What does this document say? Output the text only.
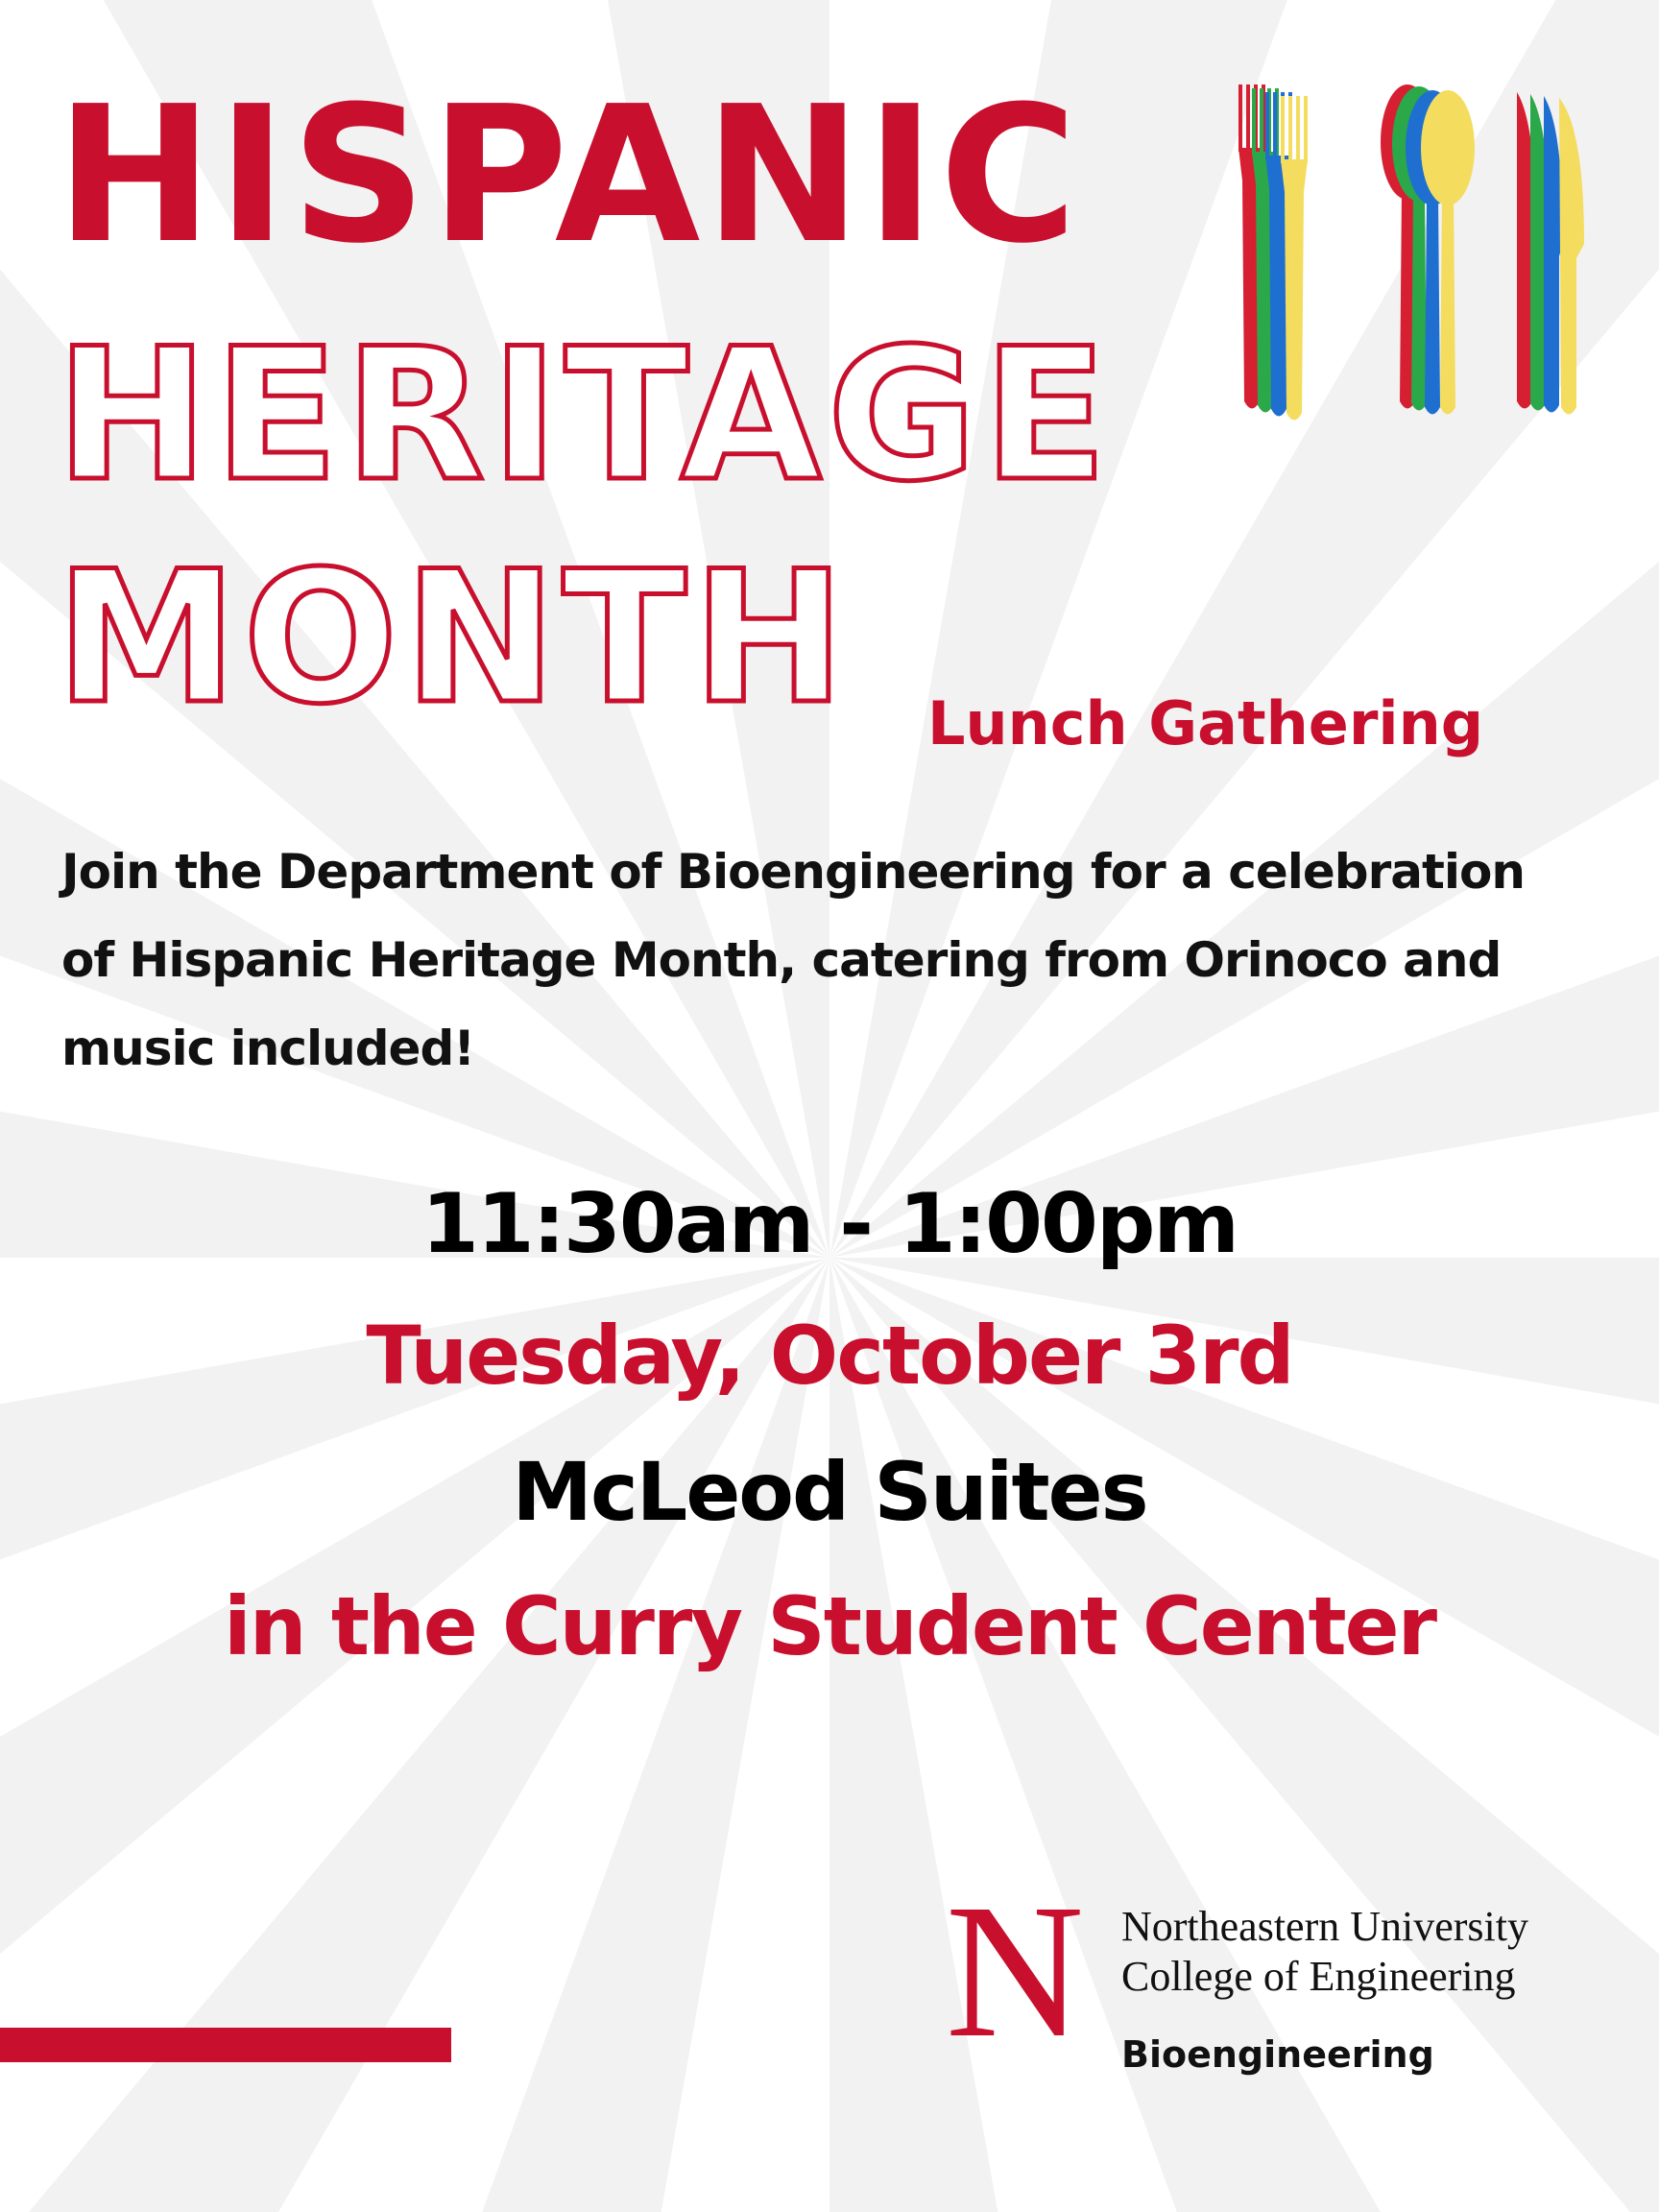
HISPANIC
HERITAGE
MONTH Lunch Gathering

Join the Department of Bioengineering for a celebration of Hispanic Heritage Month, catering from Orinoco and music included!

11:30am - 1:00pm

Tuesday, October 3rd

McLeod Suites

in the Curry Student Center

N Northeastern University

College of Engineering

Bioengineering
